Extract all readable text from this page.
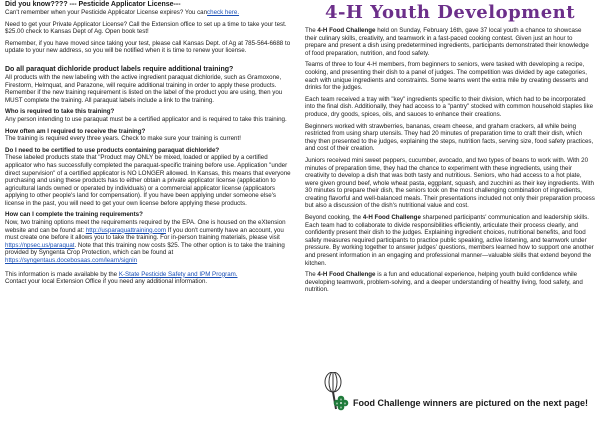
Did you know???? --- Pesticide Applicator License---

Can't remember when your Pesticide Applicator License expires? You cancheck here.

Need to get your Private Applicator License? Call the Extension office to set up a time to take your test. $25.00 check to Kansas Dept of Ag. Open book test!

Remember, if you have moved since taking your test, please call Kansas Dept. of Ag at 785-564-6688 to update to your new address, so you will be notified when it is time to renew your license.

Do all paraquat dichloride product labels require additional training?

All products with the new labeling with the active ingredient paraquat dichloride, such as Gramoxone, Firestorm, Helmquat, and Parazone, will require additional training in order to apply these products. Remember if the new training requirement is listed on the label of the product you are using, then you MUST complete the training. All paraquat labels include a link to the training.

Who is required to take this training?

Any person intending to use paraquat must be a certified applicator and is required to take this training.

How often am I required to receive the training?

The training is required every three years. Check to make sure your training is current!

Do I need to be certified to use products containing paraquat dichloride?

These labeled products state that "Product may ONLY be mixed, loaded or applied by a certified applicator who has successfully completed the paraquat-specific training before use. Application "under direct supervision" of a certified applicator is NO LONGER allowed. In Kansas, this means that everyone purchasing and using these products has to either obtain a private applicator license (application to agricultural lands owned or operated by individuals) or a commercial applicator license (applicators applying to other people's land for compensation). If you have been applying under someone else's license in the past, you will need to get your own license before applying these products.

How can I complete the training requirements?

Now, two training options meet the requirements required by the EPA. One is housed on the eXtension website and can be found at: http://usparaquattraining.com If you don't currently have an account, you must create one before it allows you to take the training. For in-person training materials, please visit https://npsec.us/paraquat. Note that this training now costs $25. The other option is to take the training provided by Syngenta Crop Protection, which can be found at https://syngentaus.docebosaas.com/learn/signin

This information is made available by the K-State Pesticide Safety and IPM Program.
Contact your local Extension Office if you need any additional information.

4-H Youth Development

The 4-H Food Challenge held on Sunday, February 16th, gave 37 local youth a chance to showcase their culinary skills, creativity, and teamwork in a fast-paced cooking contest. Given just an hour to prepare and present a dish using predetermined ingredients, participants demonstrated their knowledge of food preparation, nutrition, and food safety.

Teams of three to four 4-H members, from beginners to seniors, were tasked with developing a recipe, cooking, and presenting their dish to a panel of judges. The competition was divided by age categories, each with unique ingredients and constraints. Some teams went the extra mile by creating desserts and drinks for the judges.

Each team received a tray with "key" ingredients specific to their division, which had to be incorporated into the final dish. Additionally, they had access to a "pantry" stocked with common household staples like produce, dry goods, spices, oils, and sauces to enhance their creations.

Beginners worked with strawberries, bananas, cream cheese, and graham crackers, all while being restricted from using sharp utensils. They had 20 minutes of preparation time to craft their dish, which they then presented to the judges, explaining the steps, nutrition facts, serving size, food safety practices, and cost of their creation.

Juniors received mini sweet peppers, cucumber, avocado, and two types of beans to work with. With 20 minutes of preparation time, they had the chance to experiment with these ingredients, using their creativity to develop a dish that was both tasty and nutritious. Seniors, who had access to a hot plate, were given ground beef, whole wheat pasta, eggplant, squash, and zucchini as their key ingredients. With 30 minutes to prepare their dish, the seniors took on the most challenging combination of ingredients, creating flavorful and well-balanced meals. Their presentations included not only their preparation process but also a discussion of the dish's nutritional value and cost.

Beyond cooking, the 4-H Food Challenge sharpened participants' communication and leadership skills. Each team had to collaborate to divide responsibilities efficiently, articulate their process clearly, and confidently present their dish to the judges. Explaining ingredient choices, nutritional benefits, and food safety measures required participants to practice public speaking, active listening, and teamwork under pressure. By working together to answer judges' questions, members learned how to support one another and present information in an engaging and professional manner—valuable skills that extend beyond the kitchen.

The 4-H Food Challenge is a fun and educational experience, helping youth build confidence while developing teamwork, problem-solving, and a deeper understanding of healthy living, food safety, and nutrition.

H
H H
H Food Challenge winners are pictured on the next page!
